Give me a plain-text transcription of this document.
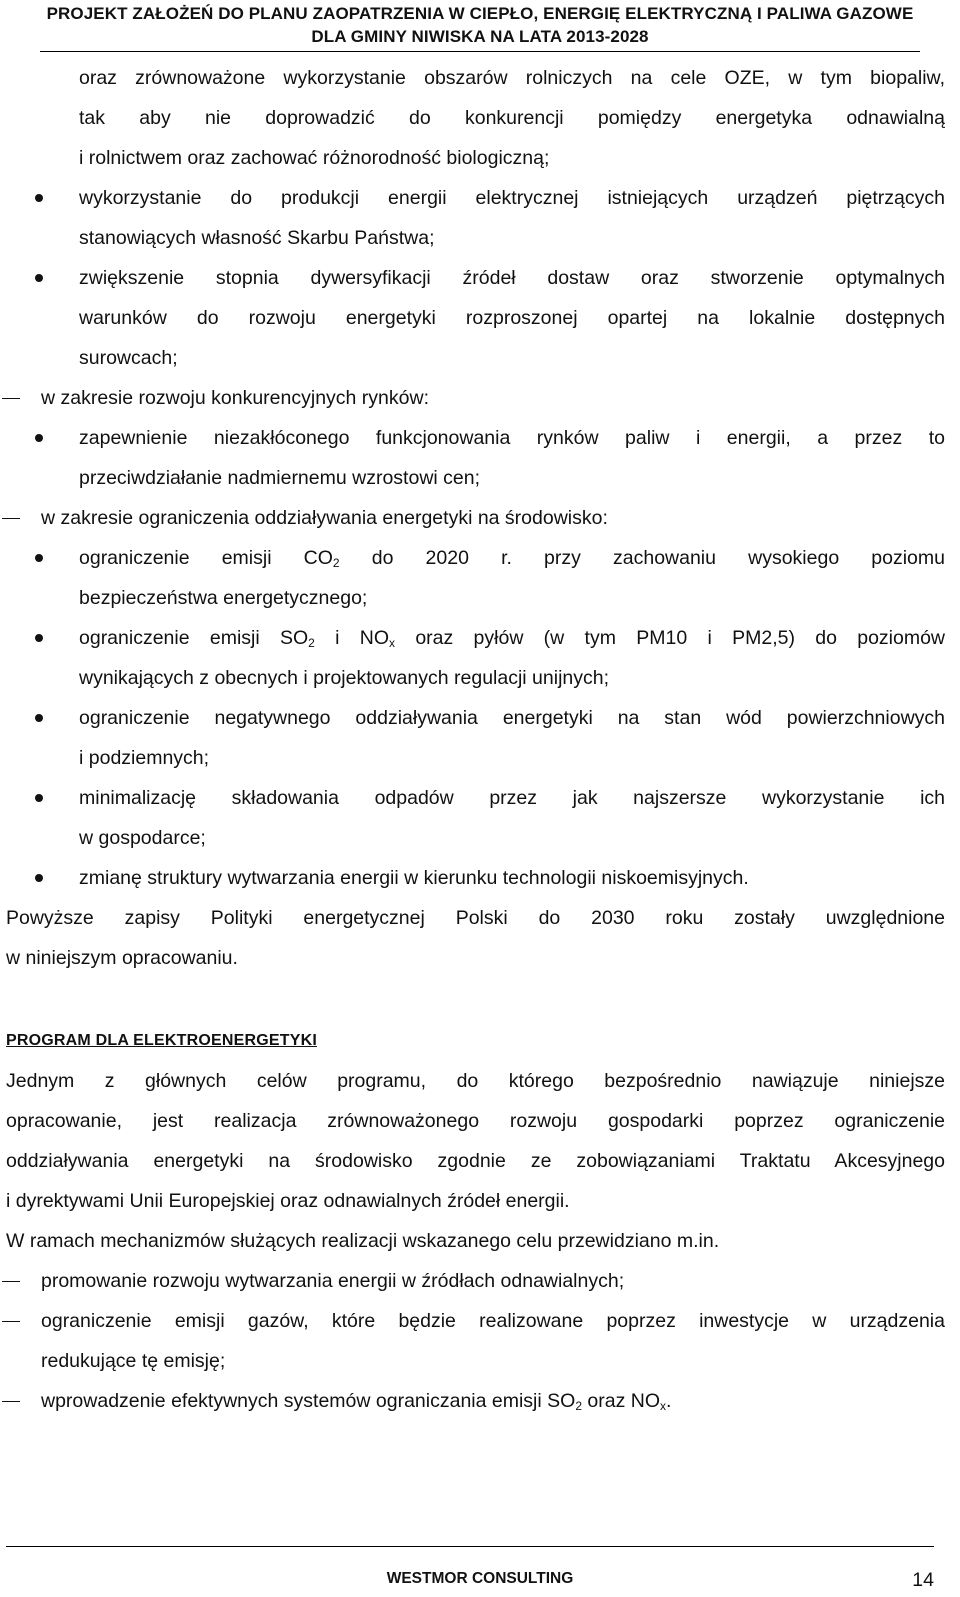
PROJEKT ZAŁOŻEŃ DO PLANU ZAOPATRZENIA W CIEPŁO, ENERGIĘ ELEKTRYCZNĄ I PALIWA GAZOWE
DLA GMINY NIWISKA NA LATA 2013-2028
oraz zrównoważone wykorzystanie obszarów rolniczych na cele OZE, w tym biopaliw,
tak aby nie doprowadzić do konkurencji pomiędzy energetyka odnawialną
i rolnictwem oraz zachować różnorodność biologiczną;
wykorzystanie do produkcji energii elektrycznej istniejących urządzeń piętrzących
stanowiących własność Skarbu Państwa;
zwiększenie stopnia dywersyfikacji źródeł dostaw oraz stworzenie optymalnych
warunków do rozwoju energetyki rozproszonej opartej na lokalnie dostępnych
surowcach;
w zakresie rozwoju konkurencyjnych rynków:
zapewnienie niezakłóconego funkcjonowania rynków paliw i energii, a przez to
przeciwdziałanie nadmiernemu wzrostowi cen;
w zakresie ograniczenia oddziaływania energetyki na środowisko:
ograniczenie emisji $CO_2$ do 2020 r. przy zachowaniu wysokiego poziomu
bezpieczeństwa energetycznego;
ograniczenie emisji $SO_2$ i $NO_x$ oraz pyłów (w tym PM10 i PM2,5) do poziomów
wynikających z obecnych i projektowanych regulacji unijnych;
ograniczenie negatywnego oddziaływania energetyki na stan wód powierzchniowych
i podziemnych;
minimalizację składowania odpadów przez jak najszersze wykorzystanie ich
w gospodarce;
zmianę struktury wytwarzania energii w kierunku technologii niskoemisyjnych.
Powyższe zapisy Polityki energetycznej Polski do 2030 roku zostały uwzględnione
w niniejszym opracowaniu.
PROGRAM DLA ELEKTROENERGETYKI
Jednym z głównych celów programu, do którego bezpośrednio nawiązuje niniejsze
opracowanie, jest realizacja zrównoważonego rozwoju gospodarki poprzez ograniczenie
oddziaływania energetyki na środowisko zgodnie ze zobowiązaniami Traktatu Akcesyjnego
i dyrektywami Unii Europejskiej oraz odnawialnych źródeł energii.
W ramach mechanizmów służących realizacji wskazanego celu przewidziano m.in.
promowanie rozwoju wytwarzania energii w źródłach odnawialnych;
ograniczenie emisji gazów, które będzie realizowane poprzez inwestycje w urządzenia
redukujące tę emisję;
wprowadzenie efektywnych systemów ograniczania emisji $SO_2$ oraz $NO_x$.
WESTMOR CONSULTING	14
